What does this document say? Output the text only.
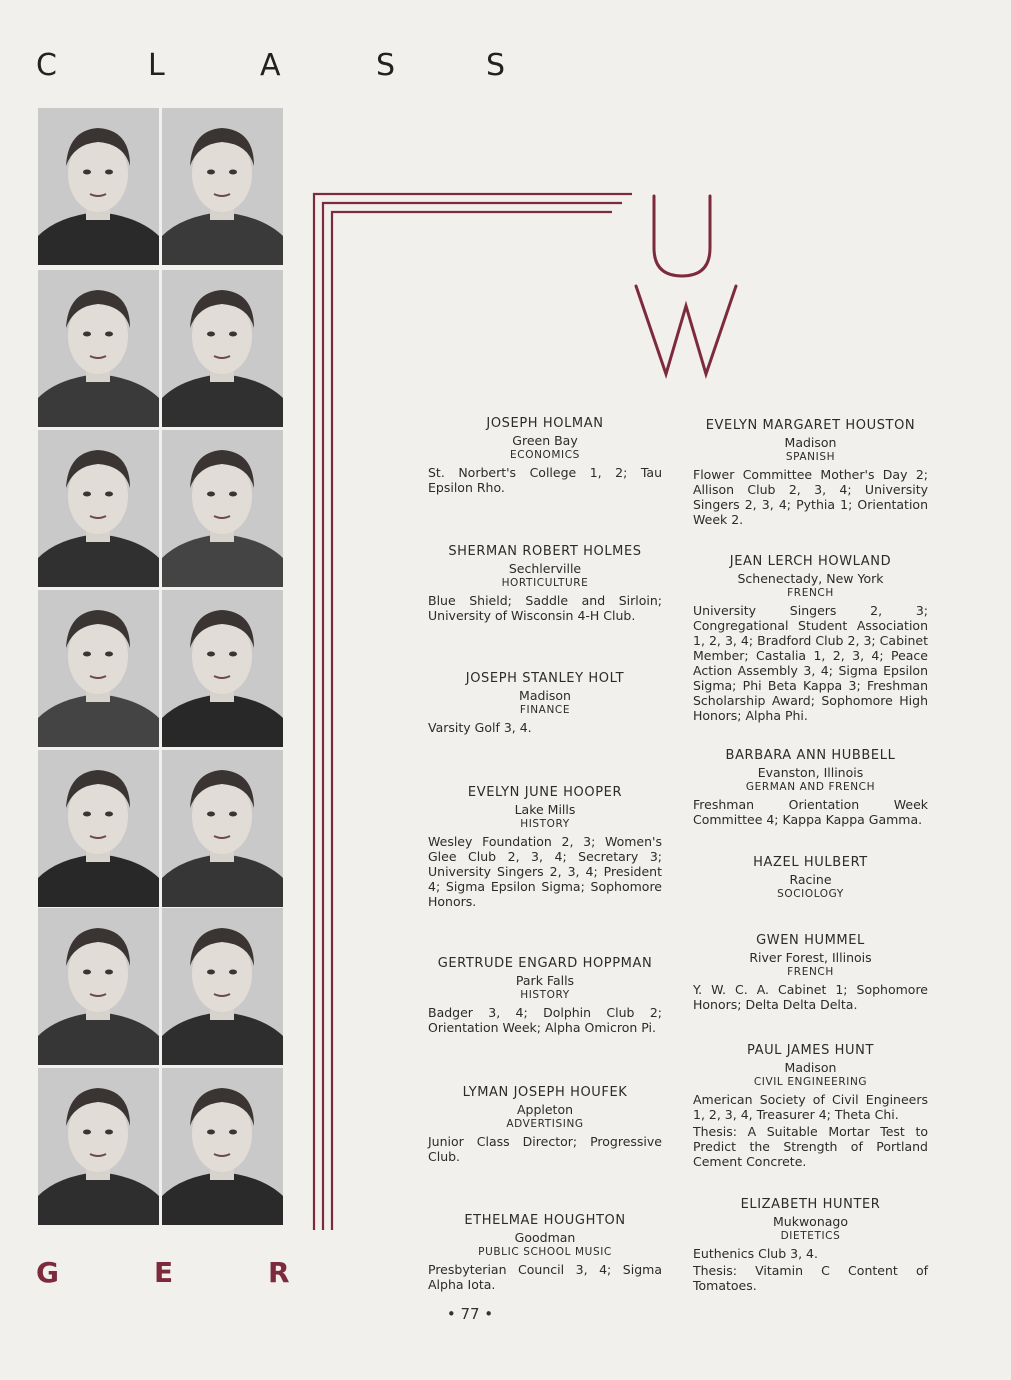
C	L	A	S	S
JOSEPH HOLMAN
Green Bay
ECONOMICS
St. Norbert's College 1, 2; Tau Epsilon Rho.
SHERMAN ROBERT HOLMES
Sechlerville
HORTICULTURE
Blue Shield; Saddle and Sirloin; University of Wisconsin 4-H Club.
JOSEPH STANLEY HOLT
Madison
FINANCE
Varsity Golf 3, 4.
EVELYN JUNE HOOPER
Lake Mills
HISTORY
Wesley Foundation 2, 3; Women's Glee Club 2, 3, 4; Secretary 3; University Singers 2, 3, 4; President 4; Sigma Epsilon Sigma; Sophomore Honors.
GERTRUDE ENGARD HOPPMAN
Park Falls
HISTORY
Badger 3, 4; Dolphin Club 2; Orientation Week; Alpha Omicron Pi.
LYMAN JOSEPH HOUFEK
Appleton
ADVERTISING
Junior Class Director; Progressive Club.
ETHELMAE HOUGHTON
Goodman
PUBLIC SCHOOL MUSIC
Presbyterian Council 3, 4; Sigma Alpha Iota.
EVELYN MARGARET HOUSTON
Madison
SPANISH
Flower Committee Mother's Day 2; Allison Club 2, 3, 4; University Singers 2, 3, 4; Pythia 1; Orientation Week 2.
JEAN LERCH HOWLAND
Schenectady, New York
FRENCH
University Singers 2, 3; Congregational Student Association 1, 2, 3, 4; Bradford Club 2, 3; Cabinet Member; Castalia 1, 2, 3, 4; Peace Action Assembly 3, 4; Sigma Epsilon Sigma; Phi Beta Kappa 3; Freshman Scholarship Award; Sophomore High Honors; Alpha Phi.
BARBARA ANN HUBBELL
Evanston, Illinois
GERMAN AND FRENCH
Freshman Orientation Week Committee 4; Kappa Kappa Gamma.
HAZEL HULBERT
Racine
SOCIOLOGY
GWEN HUMMEL
River Forest, Illinois
FRENCH
Y. W. C. A. Cabinet 1; Sophomore Honors; Delta Delta Delta.
PAUL JAMES HUNT
Madison
CIVIL ENGINEERING
American Society of Civil Engineers 1, 2, 3, 4, Treasurer 4; Theta Chi.
Thesis: A Suitable Mortar Test to Predict the Strength of Portland Cement Concrete.
ELIZABETH HUNTER
Mukwonago
DIETETICS
Euthenics Club 3, 4.
Thesis: Vitamin C Content of Tomatoes.
G	E	R
• 77 •
